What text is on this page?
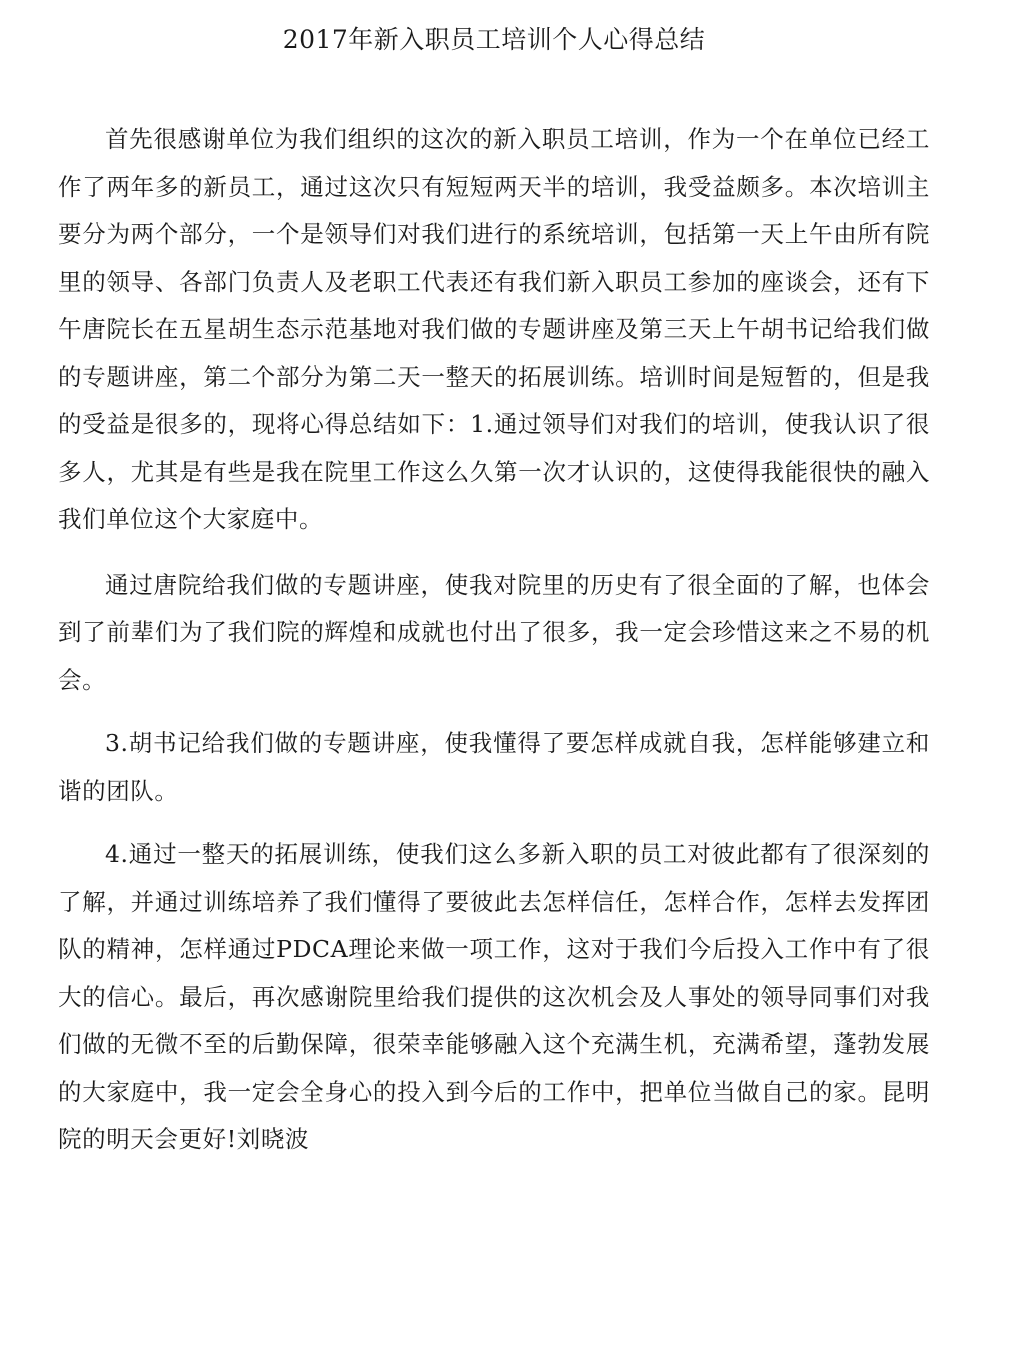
2017年新入职员工培训个人心得总结

首先很感谢单位为我们组织的这次的新入职员工培训，作为一个在单位已经工作了两年多的新员工，通过这次只有短短两天半的培训，我受益颇多。本次培训主要分为两个部分，一个是领导们对我们进行的系统培训，包括第一天上午由所有院里的领导、各部门负责人及老职工代表还有我们新入职员工参加的座谈会，还有下午唐院长在五星胡生态示范基地对我们做的专题讲座及第三天上午胡书记给我们做的专题讲座，第二个部分为第二天一整天的拓展训练。培训时间是短暂的，但是我的受益是很多的，现将心得总结如下：1.通过领导们对我们的培训，使我认识了很多人，尤其是有些是我在院里工作这么久第一次才认识的，这使得我能很快的融入我们单位这个大家庭中。

通过唐院给我们做的专题讲座，使我对院里的历史有了很全面的了解，也体会到了前辈们为了我们院的辉煌和成就也付出了很多，我一定会珍惜这来之不易的机会。

3.胡书记给我们做的专题讲座，使我懂得了要怎样成就自我，怎样能够建立和谐的团队。

4.通过一整天的拓展训练，使我们这么多新入职的员工对彼此都有了很深刻的了解，并通过训练培养了我们懂得了要彼此去怎样信任，怎样合作，怎样去发挥团队的精神，怎样通过PDCA理论来做一项工作，这对于我们今后投入工作中有了很大的信心。最后，再次感谢院里给我们提供的这次机会及人事处的领导同事们对我们做的无微不至的后勤保障，很荣幸能够融入这个充满生机，充满希望，蓬勃发展的大家庭中，我一定会全身心的投入到今后的工作中，把单位当做自己的家。昆明院的明天会更好!刘晓波
